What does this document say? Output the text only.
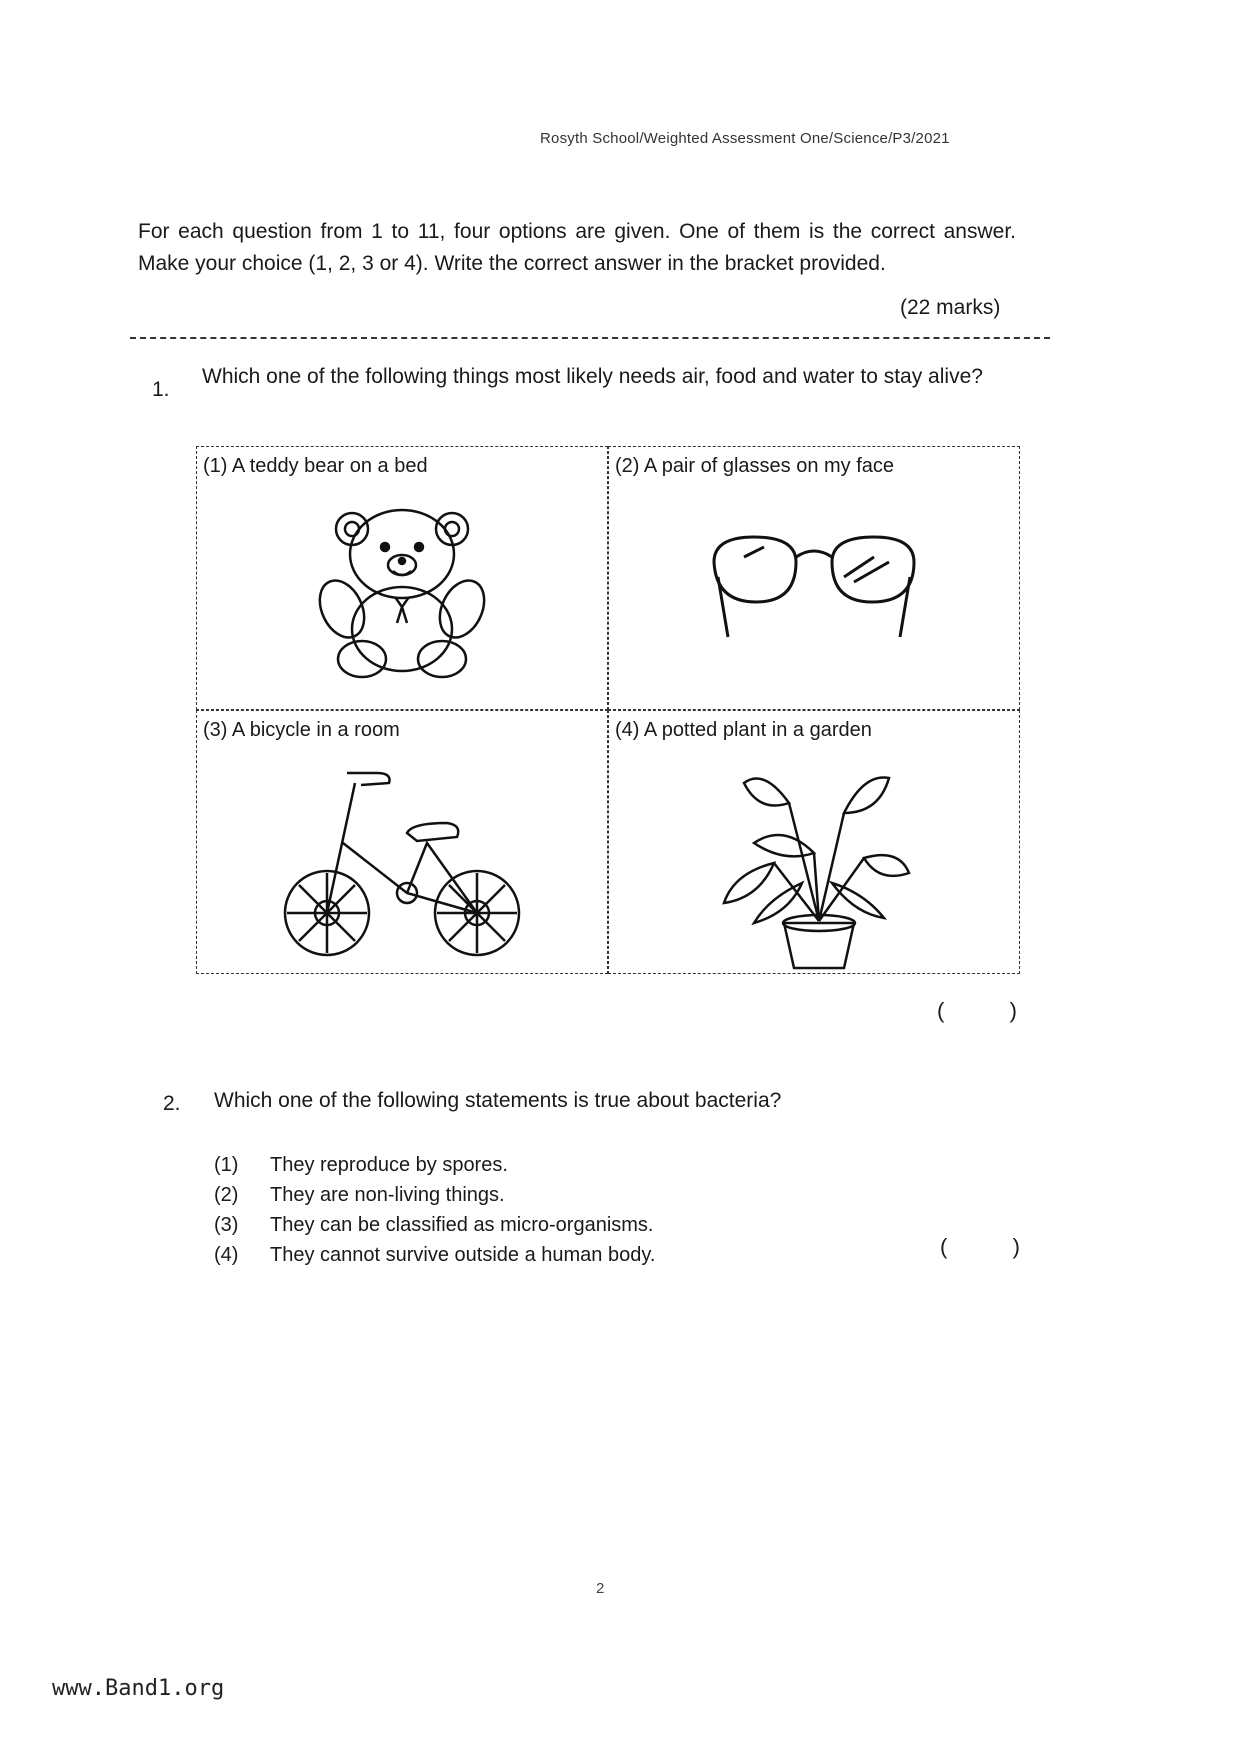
Rosyth School/Weighted Assessment One/Science/P3/2021
For each question from 1 to 11, four options are given. One of them is the correct answer. Make your choice (1, 2, 3 or 4). Write the correct answer in the bracket provided.
(22 marks)
1.
Which one of the following things most likely needs air, food and water to stay alive?
(1) A teddy bear on a bed	(2) A pair of glasses on my face
(3) A bicycle in a room	(4) A potted plant in a garden
(	)
2. Which one of the following statements is true about bacteria?
(1)	They reproduce by spores.
(2)	They are non-living things.
(3)	They can be classified as micro-organisms.
(4)	They cannot survive outside a human body.	(	)
2
www.Band1.org
